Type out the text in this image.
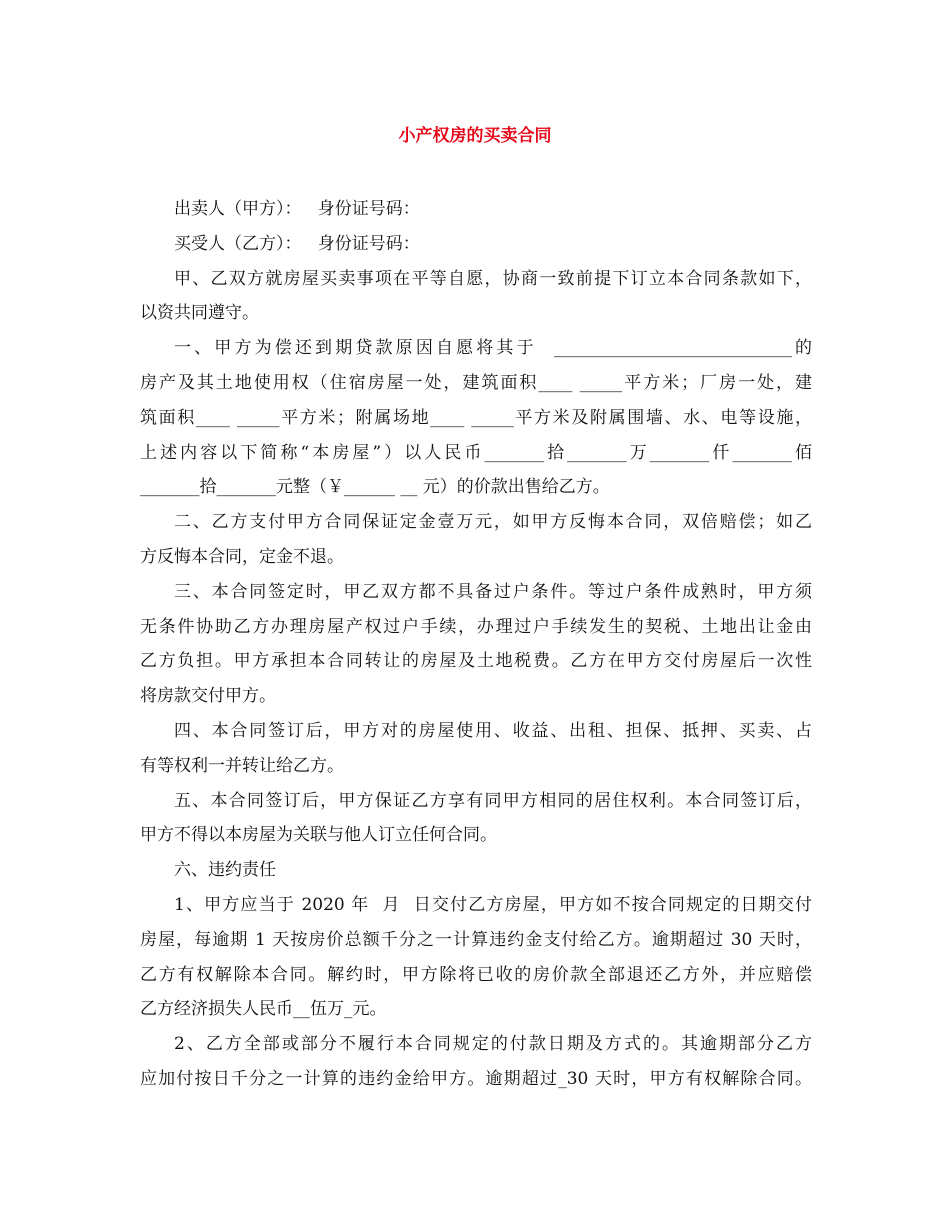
小产权房的买卖合同
出卖人（甲方）：   身份证号码：
买受人（乙方）：   身份证号码：
甲、乙双方就房屋买卖事项在平等自愿，协商一致前提下订立本合同条款如下，
以资共同遵守。
一、甲方为偿还到期贷款原因自愿将其于  ____________________________的
房产及其土地使用权（住宿房屋一处，建筑面积____ _____平方米；厂房一处，建
筑面积____ _____平方米；附属场地____ _____平方米及附属围墙、水、电等设施，
上述内容以下简称“本房屋”）以人民币_______拾_______万_______仟_______佰
_______拾_______元整（￥______ __ 元）的价款出售给乙方。
二、乙方支付甲方合同保证定金壹万元，如甲方反悔本合同，双倍赔偿；如乙
方反悔本合同，定金不退。
三、本合同签定时，甲乙双方都不具备过户条件。等过户条件成熟时，甲方须
无条件协助乙方办理房屋产权过户手续，办理过户手续发生的契税、土地出让金由
乙方负担。甲方承担本合同转让的房屋及土地税费。乙方在甲方交付房屋后一次性
将房款交付甲方。
四、本合同签订后，甲方对的房屋使用、收益、出租、担保、抵押、买卖、占
有等权利一并转让给乙方。
五、本合同签订后，甲方保证乙方享有同甲方相同的居住权利。本合同签订后，
甲方不得以本房屋为关联与他人订立任何合同。
六、违约责任
1、甲方应当于 2020 年  月  日交付乙方房屋，甲方如不按合同规定的日期交付
房屋，每逾期 1 天按房价总额千分之一计算违约金支付给乙方。逾期超过 30 天时，
乙方有权解除本合同。解约时，甲方除将已收的房价款全部退还乙方外，并应赔偿
乙方经济损失人民币__伍万_元。
2、乙方全部或部分不履行本合同规定的付款日期及方式的。其逾期部分乙方
应加付按日千分之一计算的违约金给甲方。逾期超过_30 天时，甲方有权解除合同。
